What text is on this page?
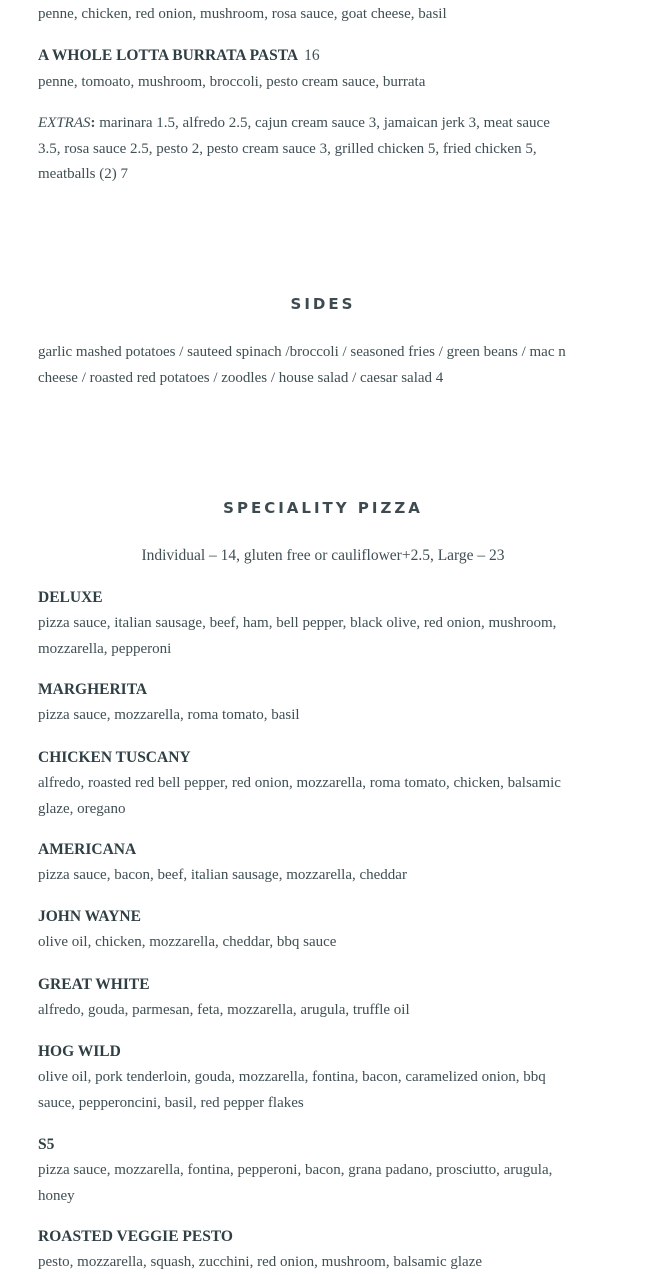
penne, chicken, red onion, mushroom, rosa sauce, goat cheese, basil
A WHOLE LOTTA BURRATA PASTA 16
penne, tomoato, mushroom, broccoli, pesto cream sauce, burrata
EXTRAS: marinara 1.5, alfredo 2.5, cajun cream sauce 3, jamaican jerk 3, meat sauce
3.5, rosa sauce 2.5, pesto 2, pesto cream sauce 3, grilled chicken 5, fried chicken 5,
meatballs (2) 7
SIDES
garlic mashed potatoes / sauteed spinach /broccoli / seasoned fries / green beans / mac n
cheese / roasted red potatoes / zoodles / house salad / caesar salad 4
SPECIALITY PIZZA
Individual – 14, gluten free or cauliflower+2.5, Large – 23
DELUXE
pizza sauce, italian sausage, beef, ham, bell pepper, black olive, red onion, mushroom,
mozzarella, pepperoni
MARGHERITA
pizza sauce, mozzarella, roma tomato, basil
CHICKEN TUSCANY
alfredo, roasted red bell pepper, red onion, mozzarella, roma tomato, chicken, balsamic
glaze, oregano
AMERICANA
pizza sauce, bacon, beef, italian sausage, mozzarella, cheddar
JOHN WAYNE
olive oil, chicken, mozzarella, cheddar, bbq sauce
GREAT WHITE
alfredo, gouda, parmesan, feta, mozzarella, arugula, truffle oil
HOG WILD
olive oil, pork tenderloin, gouda, mozzarella, fontina, bacon, caramelized onion, bbq
sauce, pepperoncini, basil, red pepper flakes
S5
pizza sauce, mozzarella, fontina, pepperoni, bacon, grana padano, prosciutto, arugula,
honey
ROASTED VEGGIE PESTO
pesto, mozzarella, squash, zucchini, red onion, mushroom, balsamic glaze
